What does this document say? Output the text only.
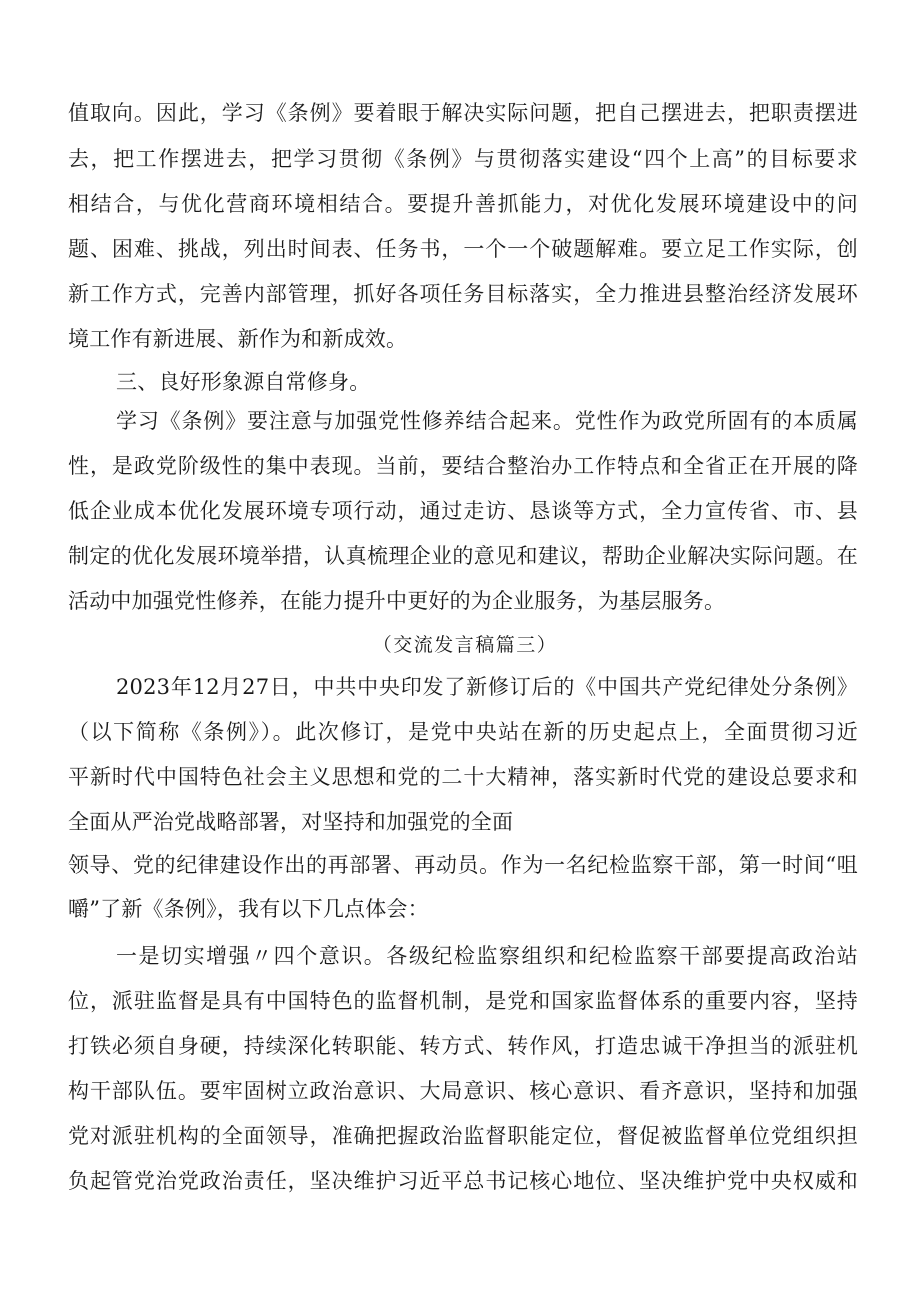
值取向。因此，学习《条例》要着眼于解决实际问题，把自己摆进去，把职责摆进
去，把工作摆进去，把学习贯彻《条例》与贯彻落实建设“四个上高”的目标要求
相结合，与优化营商环境相结合。要提升善抓能力，对优化发展环境建设中的问
题、困难、挑战，列出时间表、任务书，一个一个破题解难。要立足工作实际，创
新工作方式，完善内部管理，抓好各项任务目标落实，全力推进县整治经济发展环
境工作有新进展、新作为和新成效。
三、良好形象源自常修身。
学习《条例》要注意与加强党性修养结合起来。党性作为政党所固有的本质属
性，是政党阶级性的集中表现。当前，要结合整治办工作特点和全省正在开展的降
低企业成本优化发展环境专项行动，通过走访、恳谈等方式，全力宣传省、市、县
制定的优化发展环境举措，认真梳理企业的意见和建议，帮助企业解决实际问题。在
活动中加强党性修养，在能力提升中更好的为企业服务，为基层服务。
（交流发言稿篇三）
2023年12月27日，中共中央印发了新修订后的《中国共产党纪律处分条例》
（以下简称《条例》）。此次修订，是党中央站在新的历史起点上，全面贯彻习近
平新时代中国特色社会主义思想和党的二十大精神，落实新时代党的建设总要求和
全面从严治党战略部署，对坚持和加强党的全面
领导、党的纪律建设作出的再部署、再动员。作为一名纪检监察干部，第一时间“咀
嚼”了新《条例》，我有以下几点体会：
一是切实增强〃四个意识。各级纪检监察组织和纪检监察干部要提高政治站
位，派驻监督是具有中国特色的监督机制，是党和国家监督体系的重要内容，坚持
打铁必须自身硬，持续深化转职能、转方式、转作风，打造忠诚干净担当的派驻机
构干部队伍。要牢固树立政治意识、大局意识、核心意识、看齐意识，坚持和加强
党对派驻机构的全面领导，准确把握政治监督职能定位，督促被监督单位党组织担
负起管党治党政治责任，坚决维护习近平总书记核心地位、坚决维护党中央权威和
